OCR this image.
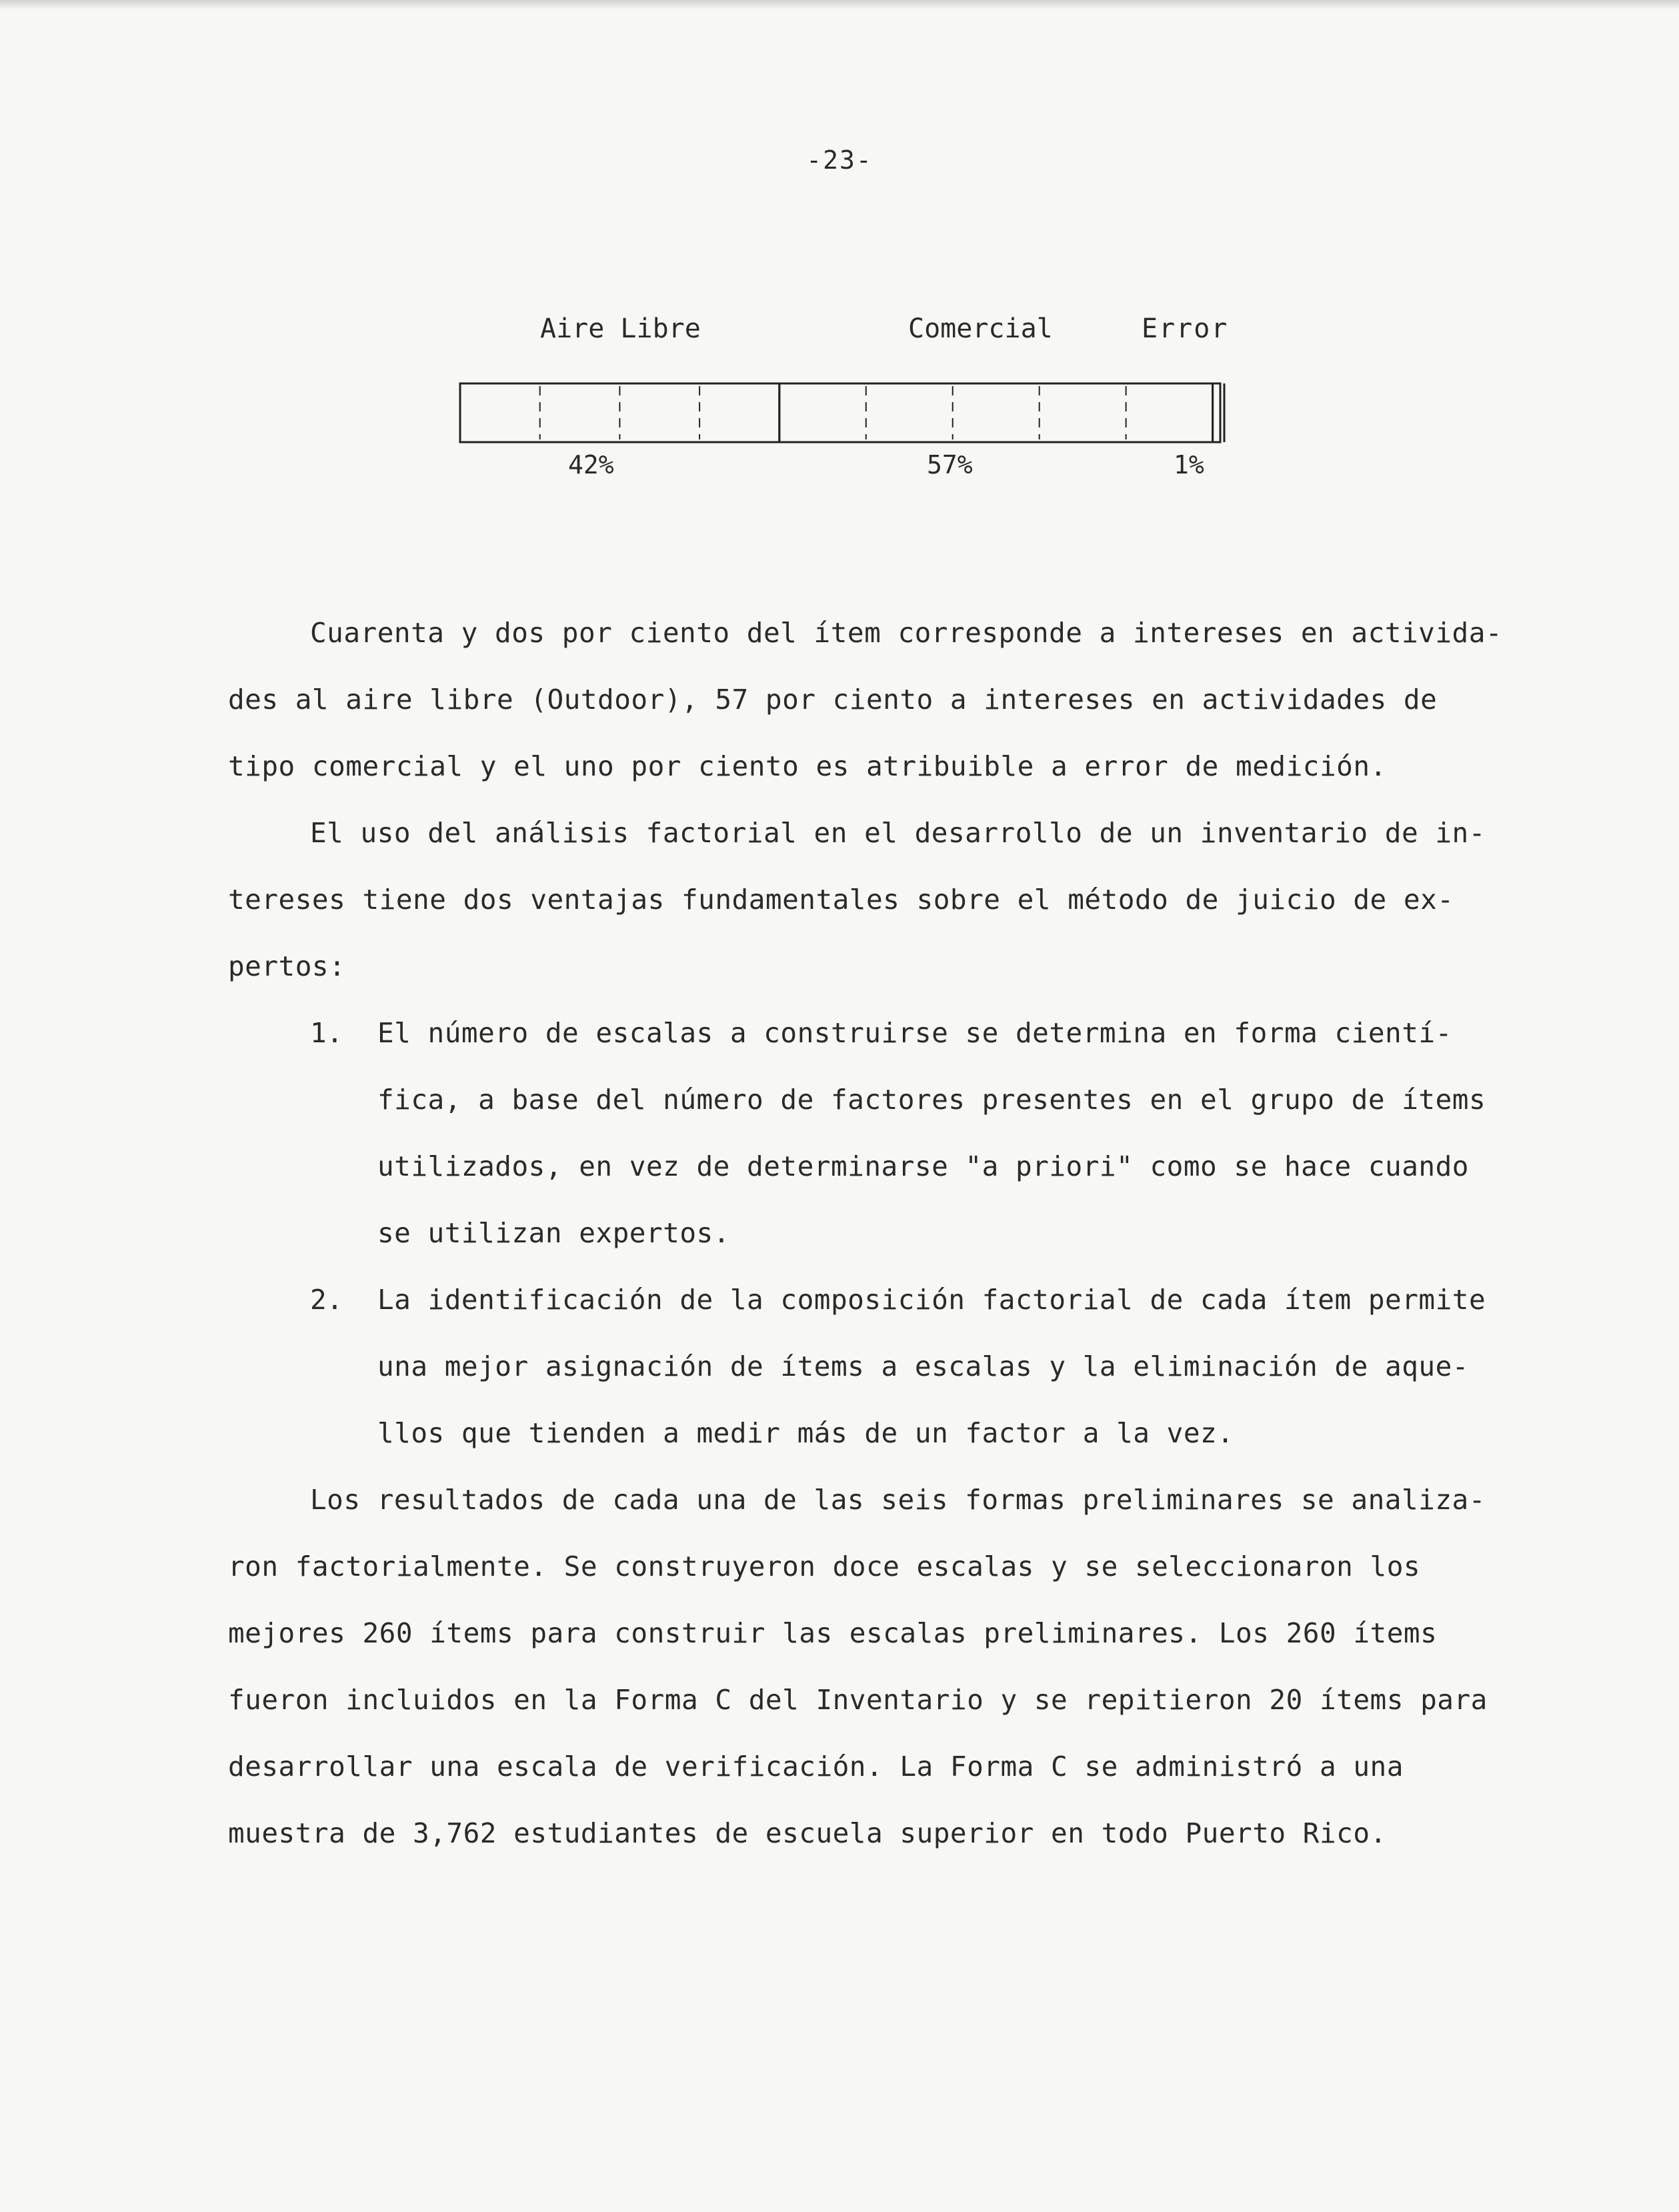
-23-
Aire Libre	Comercial	Error
42%	57%	1%
Cuarenta y dos por ciento del ítem corresponde a intereses en activida-
des al aire libre (Outdoor), 57 por ciento a intereses en actividades de
tipo comercial y el uno por ciento es atribuible a error de medición.
El uso del análisis factorial en el desarrollo de un inventario de in-
tereses tiene dos ventajas fundamentales sobre el método de juicio de ex-
pertos:
1. El número de escalas a construirse se determina en forma cientí-
fica, a base del número de factores presentes en el grupo de ítems
utilizados, en vez de determinarse "a priori" como se hace cuando
se utilizan expertos.
2. La identificación de la composición factorial de cada ítem permite
una mejor asignación de ítems a escalas y la eliminación de aque-
llos que tienden a medir más de un factor a la vez.
Los resultados de cada una de las seis formas preliminares se analiza-
ron factorialmente. Se construyeron doce escalas y se seleccionaron los
mejores 260 ítems para construir las escalas preliminares. Los 260 ítems
fueron incluidos en la Forma C del Inventario y se repitieron 20 ítems para
desarrollar una escala de verificación. La Forma C se administró a una
muestra de 3,762 estudiantes de escuela superior en todo Puerto Rico.
